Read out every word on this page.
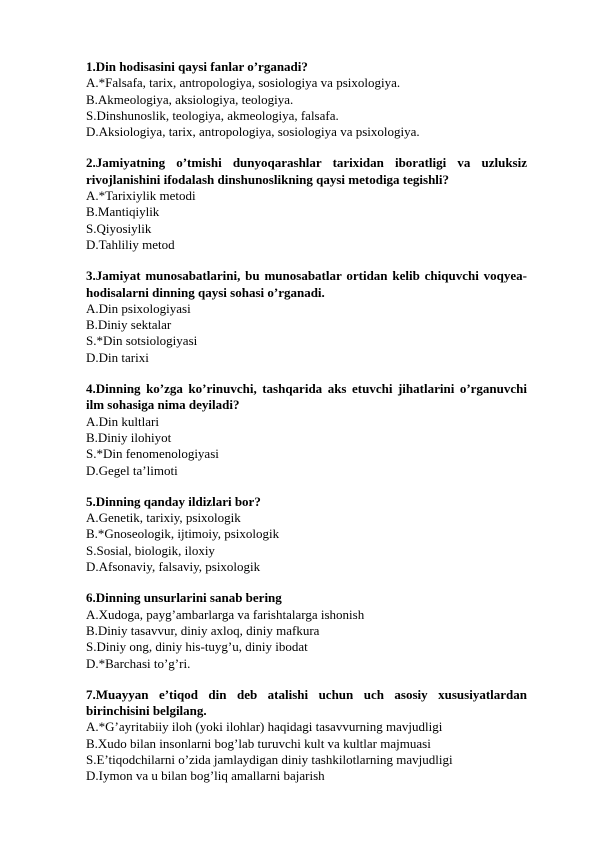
1.Din hodisasini qaysi fanlar o’rganadi?
A.*Falsafa, tarix, antropologiya, sosiologiya va psixologiya.
B.Akmeologiya, aksiologiya, teologiya.
S.Dinshunoslik, teologiya, akmeologiya, falsafa.
D.Aksiologiya, tarix, antropologiya, sosiologiya va psixologiya.
2.Jamiyatning o’tmishi dunyoqarashlar tarixidan iboratligi va uzluksiz rivojlanishini ifodalash dinshunoslikning qaysi metodiga tegishli?
A.*Tarixiylik metodi
B.Mantiqiylik
S.Qiyosiylik
D.Tahliliy metod
3.Jamiyat munosabatlarini, bu munosabatlar ortidan kelib chiquvchi voqyea-hodisalarni dinning qaysi sohasi o’rganadi.
A.Din psixologiyasi
B.Diniy sektalar
S.*Din sotsiologiyasi
D.Din tarixi
4.Dinning ko’zga ko’rinuvchi, tashqarida aks etuvchi jihatlarini o’rganuvchi ilm sohasiga nima deyiladi?
A.Din kultlari
B.Diniy ilohiyot
S.*Din fenomenologiyasi
D.Gegel ta’limoti
5.Dinning qanday ildizlari bor?
A.Genetik, tarixiy, psixologik
B.*Gnoseologik, ijtimoiy, psixologik
S.Sosial, biologik, iloxiy
D.Afsonaviy, falsaviy, psixologik
6.Dinning unsurlarini sanab bering
A.Xudoga, payg’ambarlarga va farishtalarga ishonish
B.Diniy tasavvur, diniy axloq, diniy mafkura
S.Diniy ong, diniy his-tuyg’u, diniy ibodat
D.*Barchasi to’g’ri.
7.Muayyan e’tiqod din deb atalishi uchun uch asosiy xususiyatlardan birinchisini belgilang.
A.*G’ayritabiiy iloh (yoki ilohlar) haqidagi tasavvurning mavjudligi
B.Xudo bilan insonlarni bog’lab turuvchi kult va kultlar majmuasi
S.E’tiqodchilarni o’zida jamlaydigan diniy tashkilotlarning mavjudligi
D.Iymon va u bilan bog’liq amallarni bajarish
